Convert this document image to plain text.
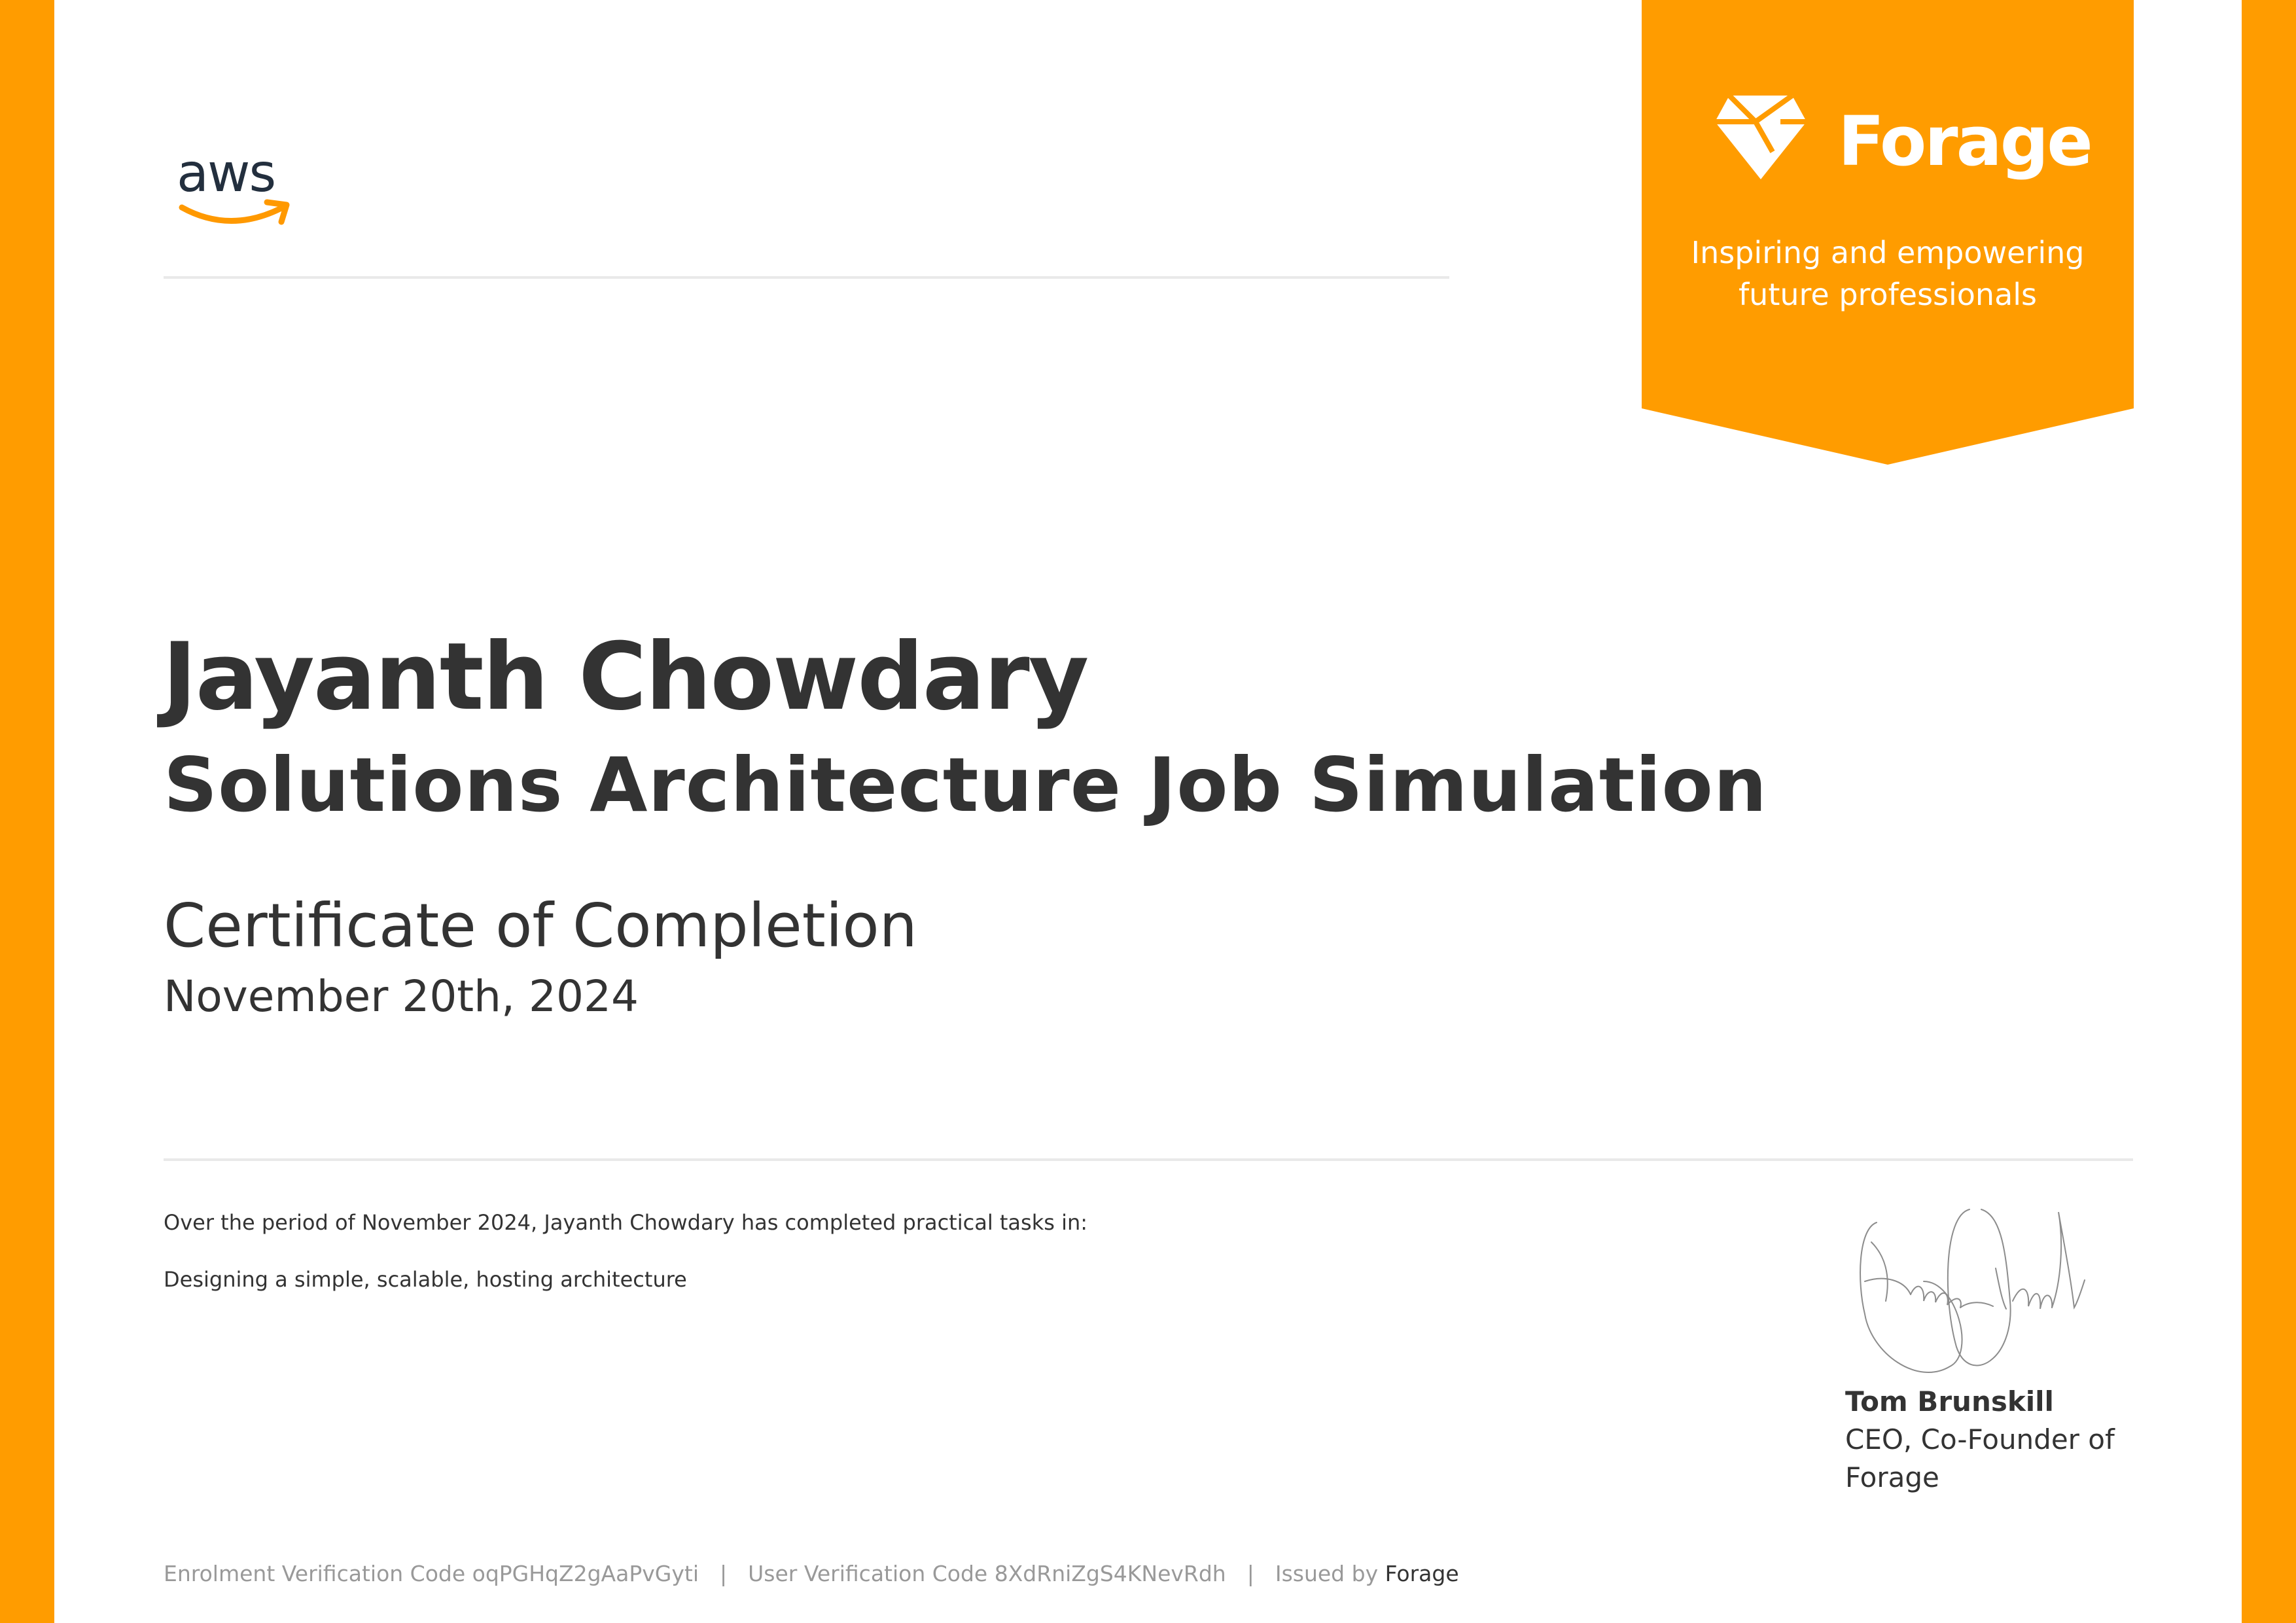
aws	Forage
Inspiring and empowering
future professionals
Jayanth Chowdary
Solutions Architecture Job Simulation
Certificate of Completion
November 20th, 2024
Over the period of November 2024, Jayanth Chowdary has completed practical tasks in:
Designing a simple, scalable, hosting architecture
Tom Brunskill
CEO, Co-Founder of
Forage
Enrolment Verification Code oqPGHqZ2gAaPvGyti | User Verification Code 8XdRniZgS4KNevRdh | Issued by Forage
